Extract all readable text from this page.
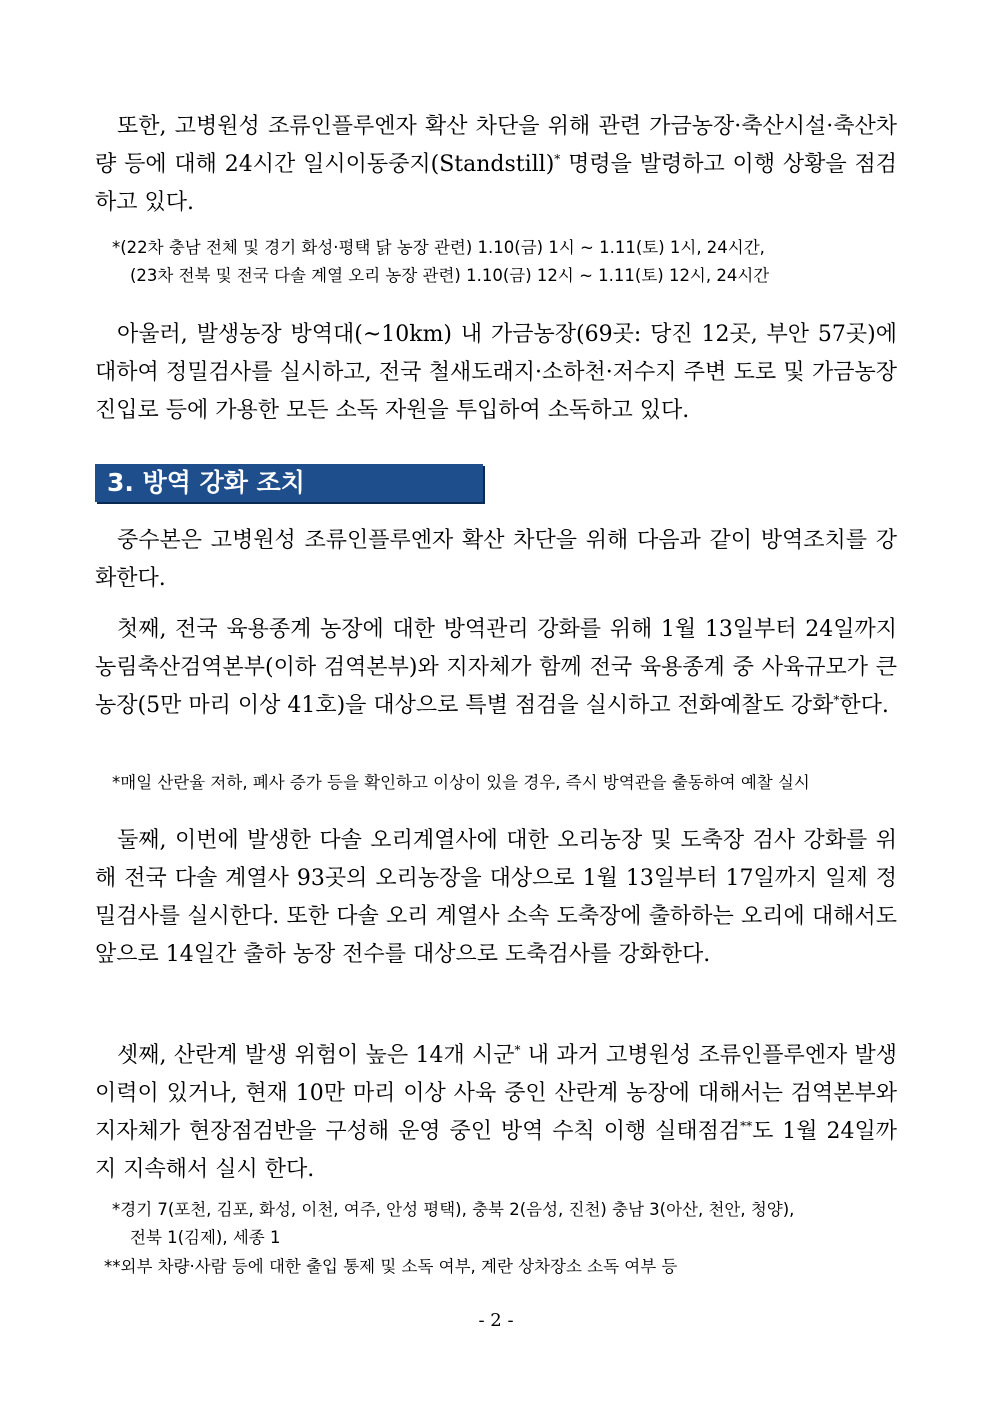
또한, 고병원성 조류인플루엔자 확산 차단을 위해 관련 가금농장·축산시설·축산차량 등에 대해 24시간 일시이동중지(Standstill)* 명령을 발령하고 이행 상황을 점검하고 있다.

*(22차 충남 전체 및 경기 화성·평택 닭 농장 관련) 1.10(금) 1시 ~ 1.11(토) 1시, 24시간,
(23차 전북 및 전국 다솔 계열 오리 농장 관련) 1.10(금) 12시 ~ 1.11(토) 12시, 24시간

아울러, 발생농장 방역대(~10km) 내 가금농장(69곳: 당진 12곳, 부안 57곳)에 대하여 정밀검사를 실시하고, 전국 철새도래지·소하천·저수지 주변 도로 및 가금농장 진입로 등에 가용한 모든 소독 자원을 투입하여 소독하고 있다.

3. 방역 강화 조치

중수본은 고병원성 조류인플루엔자 확산 차단을 위해 다음과 같이 방역조치를 강화한다.

첫째, 전국 육용종계 농장에 대한 방역관리 강화를 위해 1월 13일부터 24일까지 농림축산검역본부(이하 검역본부)와 지자체가 함께 전국 육용종계 중 사육규모가 큰 농장(5만 마리 이상 41호)을 대상으로 특별 점검을 실시하고 전화예찰도 강화*한다.

*매일 산란율 저하, 폐사 증가 등을 확인하고 이상이 있을 경우, 즉시 방역관을 출동하여 예찰 실시

둘째, 이번에 발생한 다솔 오리계열사에 대한 오리농장 및 도축장 검사 강화를 위해 전국 다솔 계열사 93곳의 오리농장을 대상으로 1월 13일부터 17일까지 일제 정밀검사를 실시한다. 또한 다솔 오리 계열사 소속 도축장에 출하하는 오리에 대해서도 앞으로 14일간 출하 농장 전수를 대상으로 도축검사를 강화한다.

셋째, 산란계 발생 위험이 높은 14개 시군* 내 과거 고병원성 조류인플루엔자 발생 이력이 있거나, 현재 10만 마리 이상 사육 중인 산란계 농장에 대해서는 검역본부와 지자체가 현장점검반을 구성해 운영 중인 방역 수칙 이행 실태점검**도 1월 24일까지 지속해서 실시 한다.

*경기 7(포천, 김포, 화성, 이천, 여주, 안성 평택), 충북 2(음성, 진천) 충남 3(아산, 천안, 청양),
전북 1(김제), 세종 1
**외부 차량·사람 등에 대한 출입 통제 및 소독 여부, 계란 상차장소 소독 여부 등
- 2 -
